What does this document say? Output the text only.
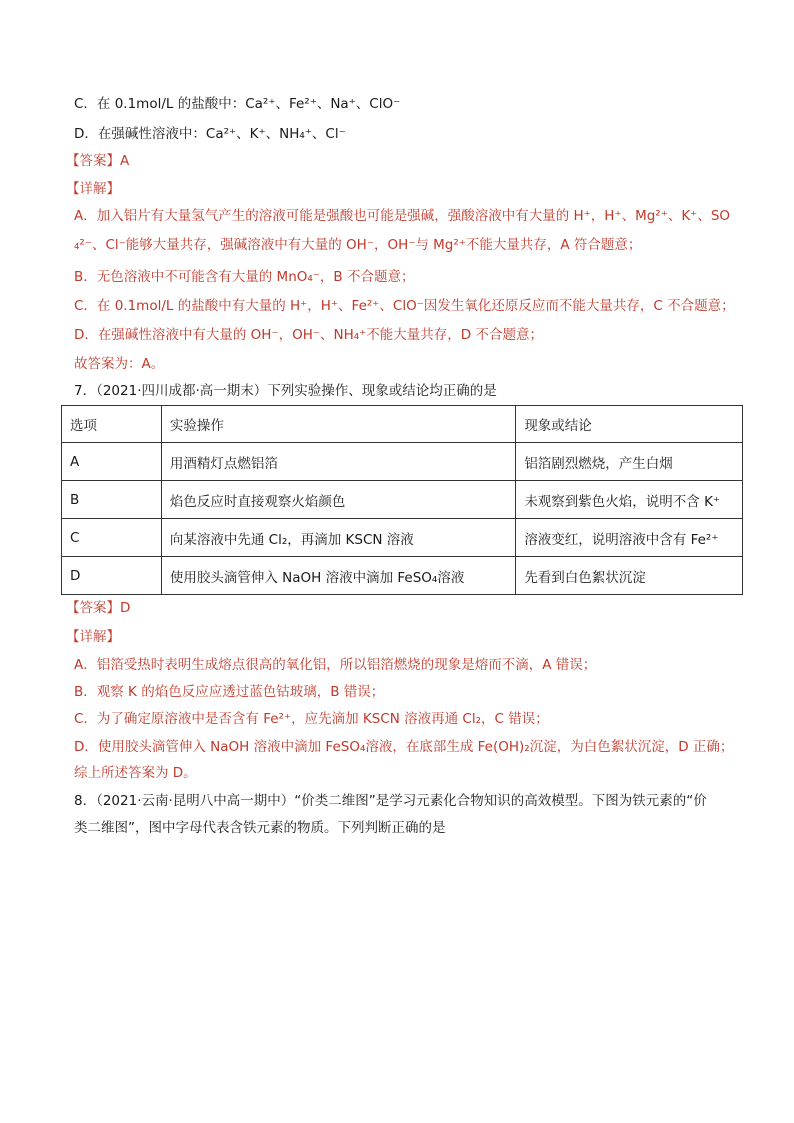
C．在 0.1mol/L 的盐酸中：Ca²⁺、Fe²⁺、Na⁺、ClO⁻
D．在强碱性溶液中：Ca²⁺、K⁺、NH₄⁺、Cl⁻
【答案】A
【详解】
A．加入铝片有大量氢气产生的溶液可能是强酸也可能是强碱，强酸溶液中有大量的 H⁺，H⁺、Mg²⁺、K⁺、SO
₄²⁻、Cl⁻能够大量共存，强碱溶液中有大量的 OH⁻，OH⁻与 Mg²⁺不能大量共存，A 符合题意；
B．无色溶液中不可能含有大量的 MnO₄⁻，B 不合题意；
C．在 0.1mol/L 的盐酸中有大量的 H⁺，H⁺、Fe²⁺、ClO⁻因发生氧化还原反应而不能大量共存，C 不合题意；
D．在强碱性溶液中有大量的 OH⁻，OH⁻、NH₄⁺不能大量共存，D 不合题意；
故答案为：A。
7．（2021·四川成都·高一期末）下列实验操作、现象或结论均正确的是
选项	实验操作	现象或结论
A	用酒精灯点燃铝箔	铝箔剧烈燃烧，产生白烟
B	焰色反应时直接观察火焰颜色	未观察到紫色火焰，说明不含 K⁺
C	向某溶液中先通 Cl₂，再滴加 KSCN 溶液	溶液变红，说明溶液中含有 Fe²⁺
D	使用胶头滴管伸入 NaOH 溶液中滴加 FeSO₄溶液	先看到白色絮状沉淀
【答案】D
【详解】
A．铝箔受热时表明生成熔点很高的氧化铝，所以铝箔燃烧的现象是熔而不滴，A 错误；
B．观察 K 的焰色反应应透过蓝色钴玻璃，B 错误；
C．为了确定原溶液中是否含有 Fe²⁺，应先滴加 KSCN 溶液再通 Cl₂，C 错误；
D．使用胶头滴管伸入 NaOH 溶液中滴加 FeSO₄溶液，在底部生成 Fe(OH)₂沉淀，为白色絮状沉淀，D 正确；
综上所述答案为 D。
8．（2021·云南·昆明八中高一期中）“价类二维图”是学习元素化合物知识的高效模型。下图为铁元素的“价
类二维图”，图中字母代表含铁元素的物质。下列判断正确的是
